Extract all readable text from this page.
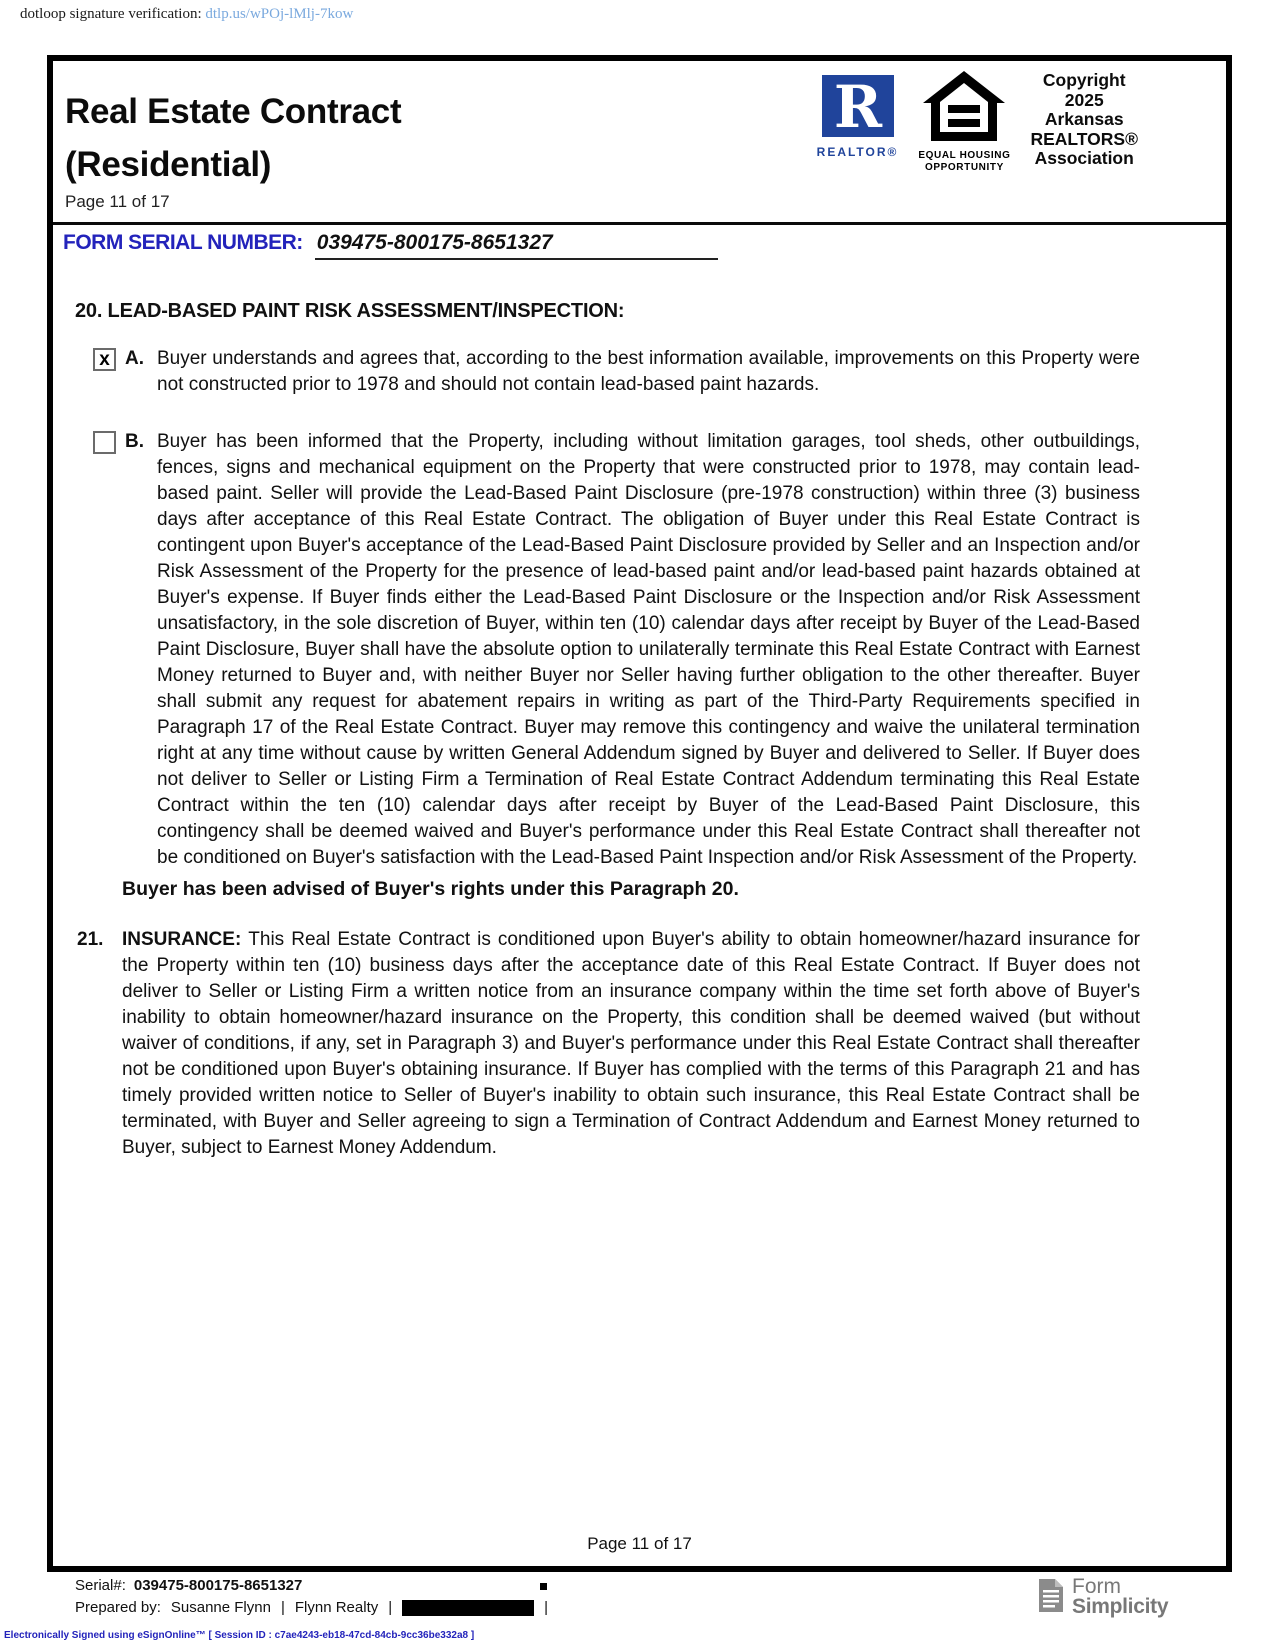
dotloop signature verification: dtlp.us/wPOj-lMlj-7kow
Real Estate Contract
(Residential)
Page 11 of 17
R
REALTOR® EQUAL HOUSING
OPPORTUNITY
Copyright
2025
Arkansas
REALTORS®
Association
FORM SERIAL NUMBER: 039475-800175-8651327
20. LEAD-BASED PAINT RISK ASSESSMENT/INSPECTION:
x A. Buyer understands and agrees that, according to the best information available, improvements on this Property were not constructed prior to 1978 and should not contain lead-based paint hazards.
B. Buyer has been informed that the Property, including without limitation garages, tool sheds, other outbuildings, fences, signs and mechanical equipment on the Property that were constructed prior to 1978, may contain lead-based paint. Seller will provide the Lead-Based Paint Disclosure (pre-1978 construction) within three (3) business days after acceptance of this Real Estate Contract. The obligation of Buyer under this Real Estate Contract is contingent upon Buyer's acceptance of the Lead-Based Paint Disclosure provided by Seller and an Inspection and/or Risk Assessment of the Property for the presence of lead-based paint and/or lead-based paint hazards obtained at Buyer's expense. If Buyer finds either the Lead-Based Paint Disclosure or the Inspection and/or Risk Assessment unsatisfactory, in the sole discretion of Buyer, within ten (10) calendar days after receipt by Buyer of the Lead-Based Paint Disclosure, Buyer shall have the absolute option to unilaterally terminate this Real Estate Contract with Earnest Money returned to Buyer and, with neither Buyer nor Seller having further obligation to the other thereafter. Buyer shall submit any request for abatement repairs in writing as part of the Third-Party Requirements specified in Paragraph 17 of the Real Estate Contract. Buyer may remove this contingency and waive the unilateral termination right at any time without cause by written General Addendum signed by Buyer and delivered to Seller. If Buyer does not deliver to Seller or Listing Firm a Termination of Real Estate Contract Addendum terminating this Real Estate Contract within the ten (10) calendar days after receipt by Buyer of the Lead-Based Paint Disclosure, this contingency shall be deemed waived and Buyer's performance under this Real Estate Contract shall thereafter not be conditioned on Buyer's satisfaction with the Lead-Based Paint Inspection and/or Risk Assessment of the Property.
Buyer has been advised of Buyer's rights under this Paragraph 20.
21. INSURANCE: This Real Estate Contract is conditioned upon Buyer's ability to obtain homeowner/hazard insurance for the Property within ten (10) business days after the acceptance date of this Real Estate Contract. If Buyer does not deliver to Seller or Listing Firm a written notice from an insurance company within the time set forth above of Buyer's inability to obtain homeowner/hazard insurance on the Property, this condition shall be deemed waived (but without waiver of conditions, if any, set in Paragraph 3) and Buyer's performance under this Real Estate Contract shall thereafter not be conditioned upon Buyer's obtaining insurance. If Buyer has complied with the terms of this Paragraph 21 and has timely provided written notice to Seller of Buyer's inability to obtain such insurance, this Real Estate Contract shall be terminated, with Buyer and Seller agreeing to sign a Termination of Contract Addendum and Earnest Money returned to Buyer, subject to Earnest Money Addendum.
Page 11 of 17
Serial#: 039475-800175-8651327
Prepared by: Susanne Flynn | Flynn Realty |	|
Form
Simplicity
Electronically Signed using eSignOnline™ [ Session ID : c7ae4243-eb18-47cd-84cb-9cc36be332a8 ]
